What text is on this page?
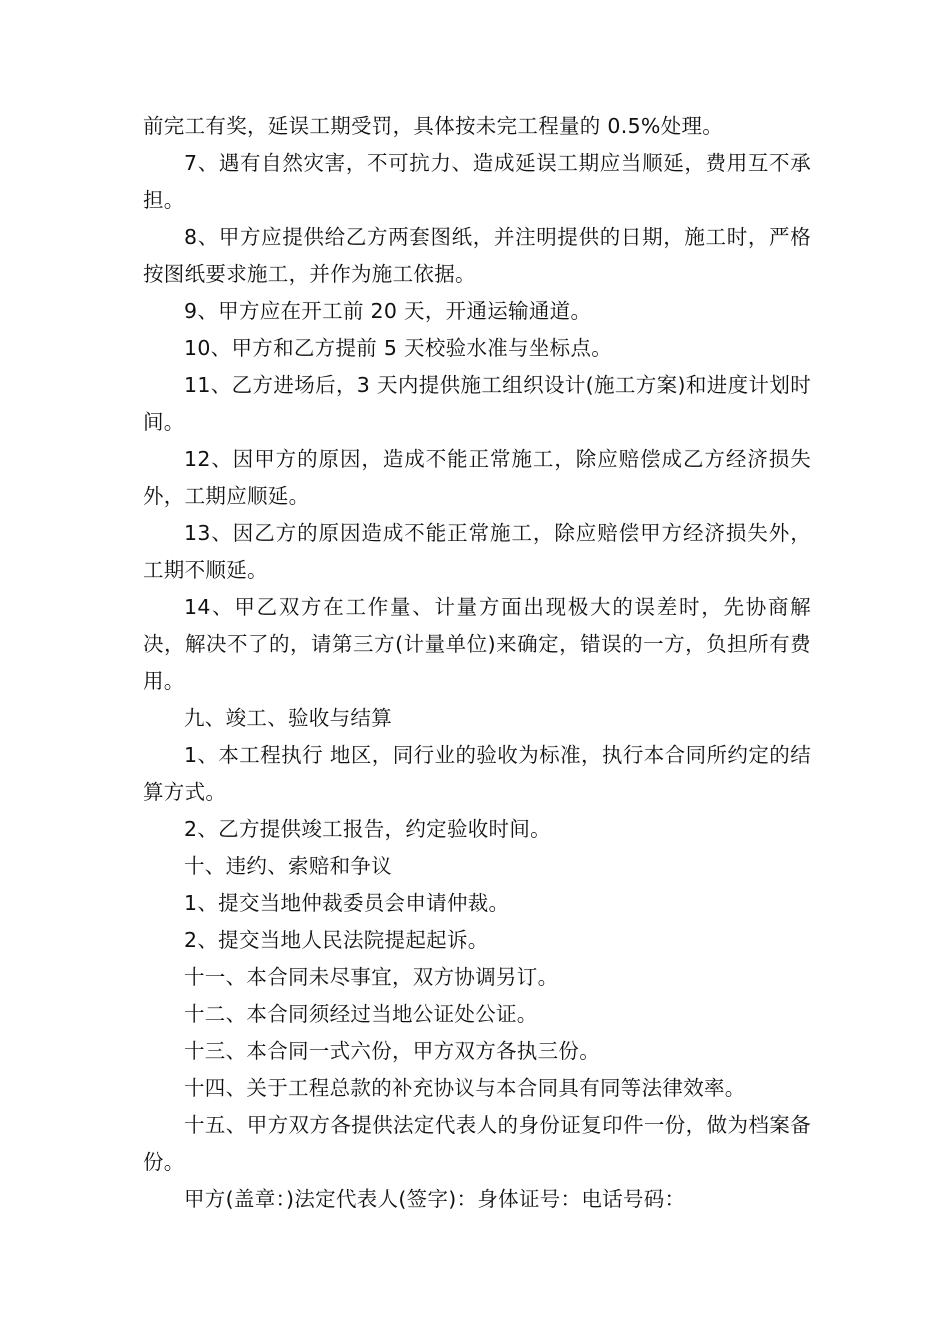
前完工有奖，延误工期受罚，具体按未完工程量的 0.5%处理。

7、遇有自然灾害，不可抗力、造成延误工期应当顺延，费用互不承担。

8、甲方应提供给乙方两套图纸，并注明提供的日期，施工时，严格按图纸要求施工，并作为施工依据。

9、甲方应在开工前 20 天，开通运输通道。

10、甲方和乙方提前 5 天校验水准与坐标点。

11、乙方进场后，3 天内提供施工组织设计(施工方案)和进度计划时间。

12、因甲方的原因，造成不能正常施工，除应赔偿成乙方经济损失外，工期应顺延。

13、因乙方的原因造成不能正常施工，除应赔偿甲方经济损失外，工期不顺延。

14、甲乙双方在工作量、计量方面出现极大的误差时，先协商解决，解决不了的，请第三方(计量单位)来确定，错误的一方，负担所有费用。

九、竣工、验收与结算

1、本工程执行 地区，同行业的验收为标准，执行本合同所约定的结算方式。

2、乙方提供竣工报告，约定验收时间。

十、违约、索赔和争议

1、提交当地仲裁委员会申请仲裁。

2、提交当地人民法院提起起诉。

十一、本合同未尽事宜，双方协调另订。

十二、本合同须经过当地公证处公证。

十三、本合同一式六份，甲方双方各执三份。

十四、关于工程总款的补充协议与本合同具有同等法律效率。

十五、甲方双方各提供法定代表人的身份证复印件一份，做为档案备份。

甲方(盖章：)法定代表人(签字)：身体证号：电话号码：
